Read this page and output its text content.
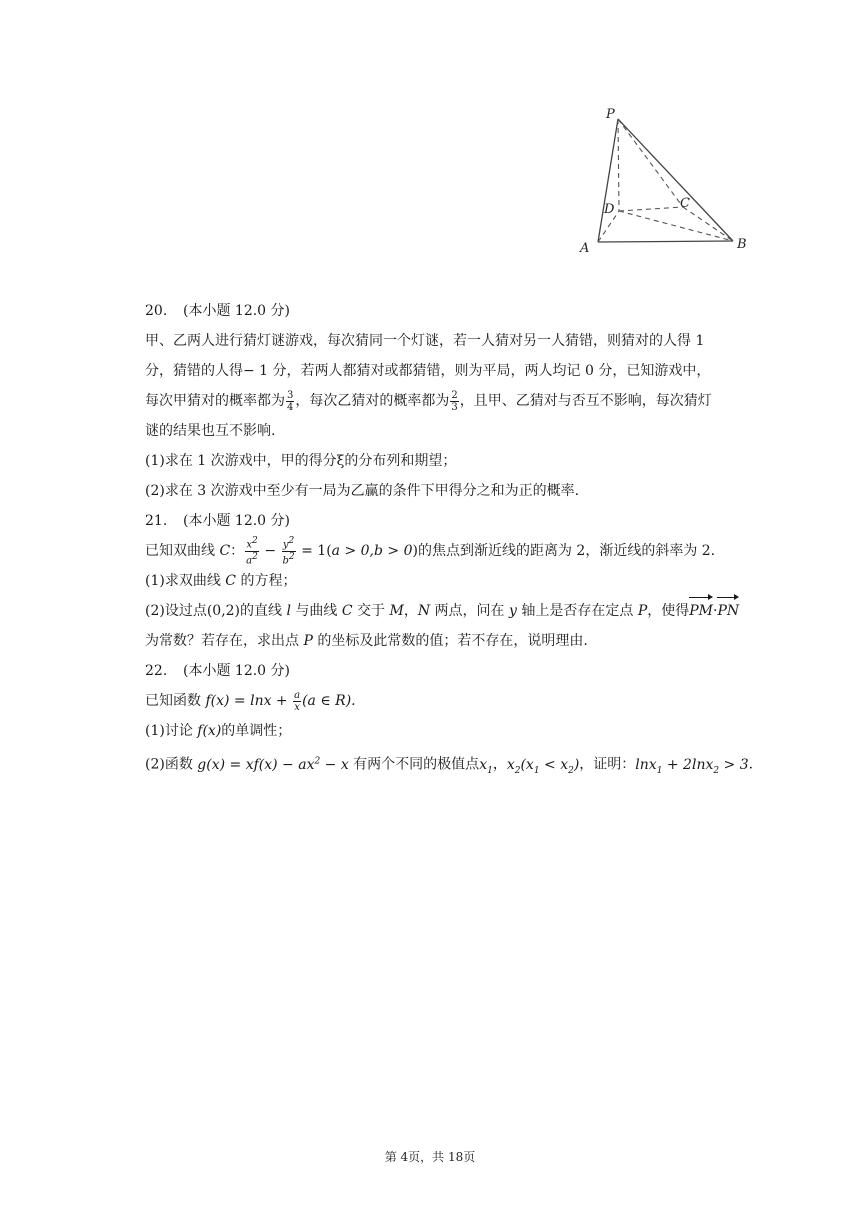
P
A	B
C
D
20. (本小题 12.0 分)

甲、乙两人进行猜灯谜游戏，每次猜同一个灯谜，若一人猜对另一人猜错，则猜对的人得 1

分，猜错的人得− 1 分，若两人都猜对或都猜错，则为平局，两人均记 0 分，已知游戏中，

每次甲猜对的概率都为 $\frac{3}{4}$ ，每次乙猜对的概率都为 $\frac{2}{3}$ ，且甲、乙猜对与否互不影响，每次猜灯

谜的结果也互不影响.

(1)求在 1 次游戏中，甲的得分ξ的分布列和期望；

(2)求在 3 次游戏中至少有一局为乙赢的条件下甲得分之和为正的概率.

21. (本小题 12.0 分)

已知双曲线 C： $\frac{x^2}{a^2} - \frac{y^2}{b^2} = 1(a > 0,b > 0)$的焦点到渐近线的距离为 2，渐近线的斜率为 2.

(1)求双曲线 C 的方程；

(2)设过点(0,2)的直线 l 与曲线 C 交于 M，N 两点，问在 y 轴上是否存在定点 P，使得PM·PN

为常数？若存在，求出点 P 的坐标及此常数的值；若不存在，说明理由.

22. (本小题 12.0 分)

已知函数 $f(x) = \ln x + \frac{a}{x} (a$ ∈ R).

(1)讨论 f(x)的单调性；

(2)函数 $g(x) = xf(x) - ax^2 - x$ 有两个不同的极值点$x_1$，$x_2(x_1 < x_2)$，证明：lnx$_1$ + 2lnx$_2$ > 3.

第 4页，共 18页
